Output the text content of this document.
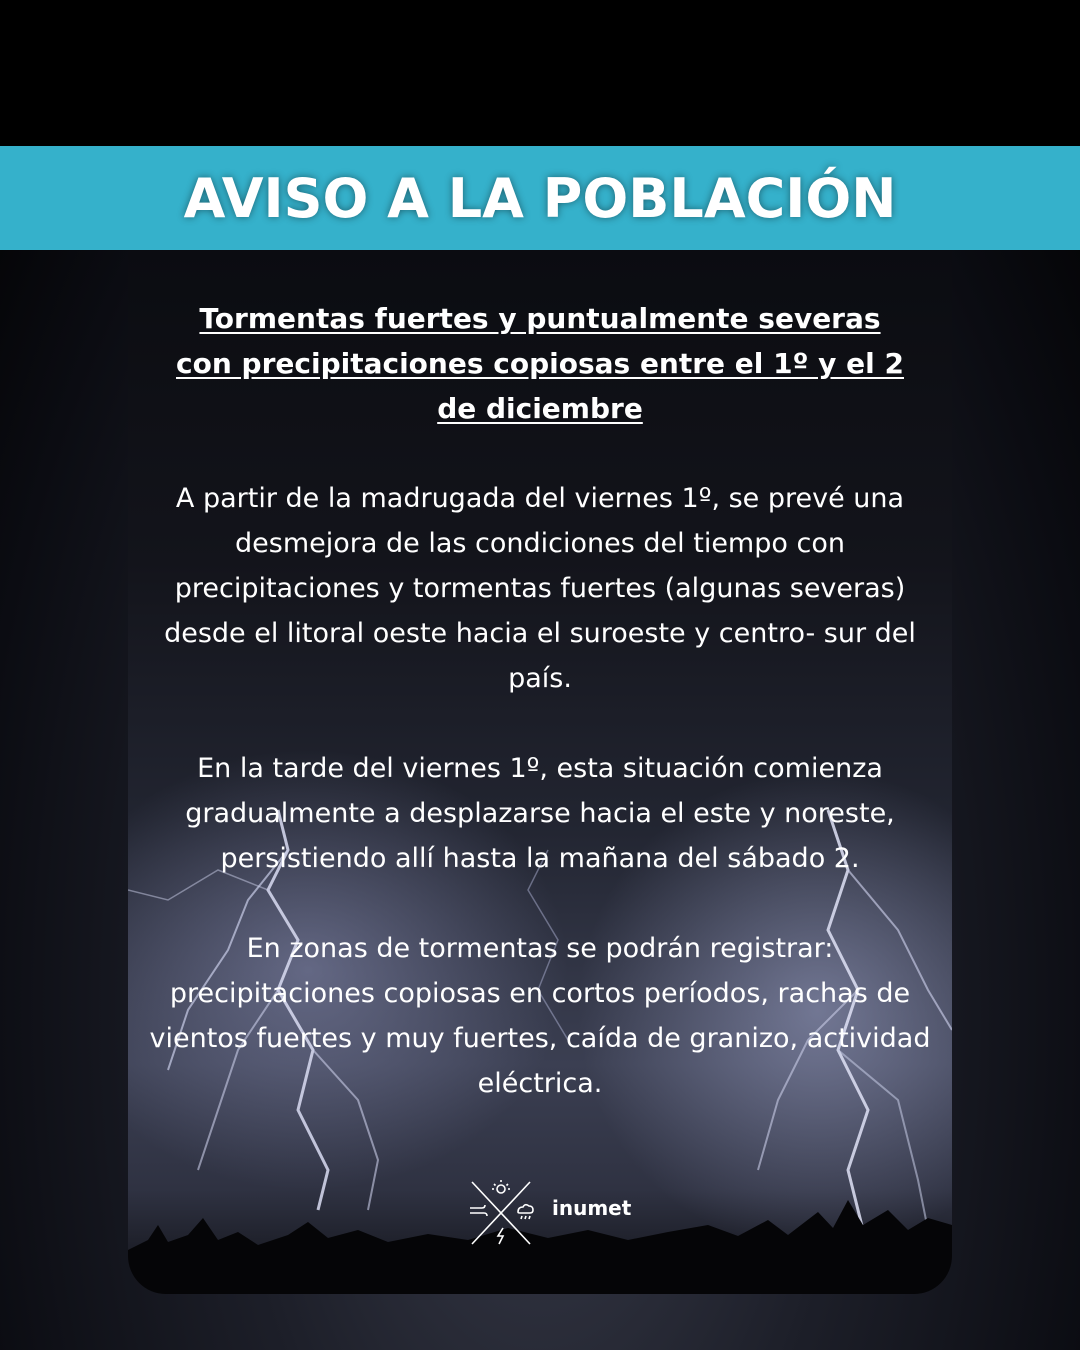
AVISO A LA POBLACIÓN
Tormentas fuertes y puntualmente severas con precipitaciones copiosas entre el 1º y el 2 de diciembre
A partir de la madrugada del viernes 1º, se prevé una desmejora de las condiciones del tiempo con precipitaciones y tormentas fuertes (algunas severas) desde el litoral oeste hacia el suroeste y centro- sur del país.
En la tarde del viernes 1º, esta situación comienza gradualmente a desplazarse hacia el este y noreste, persistiendo allí hasta la mañana del sábado 2.
En zonas de tormentas se podrán registrar: precipitaciones copiosas en cortos períodos, rachas de vientos fuertes y muy fuertes, caída de granizo, actividad eléctrica.
inumet
